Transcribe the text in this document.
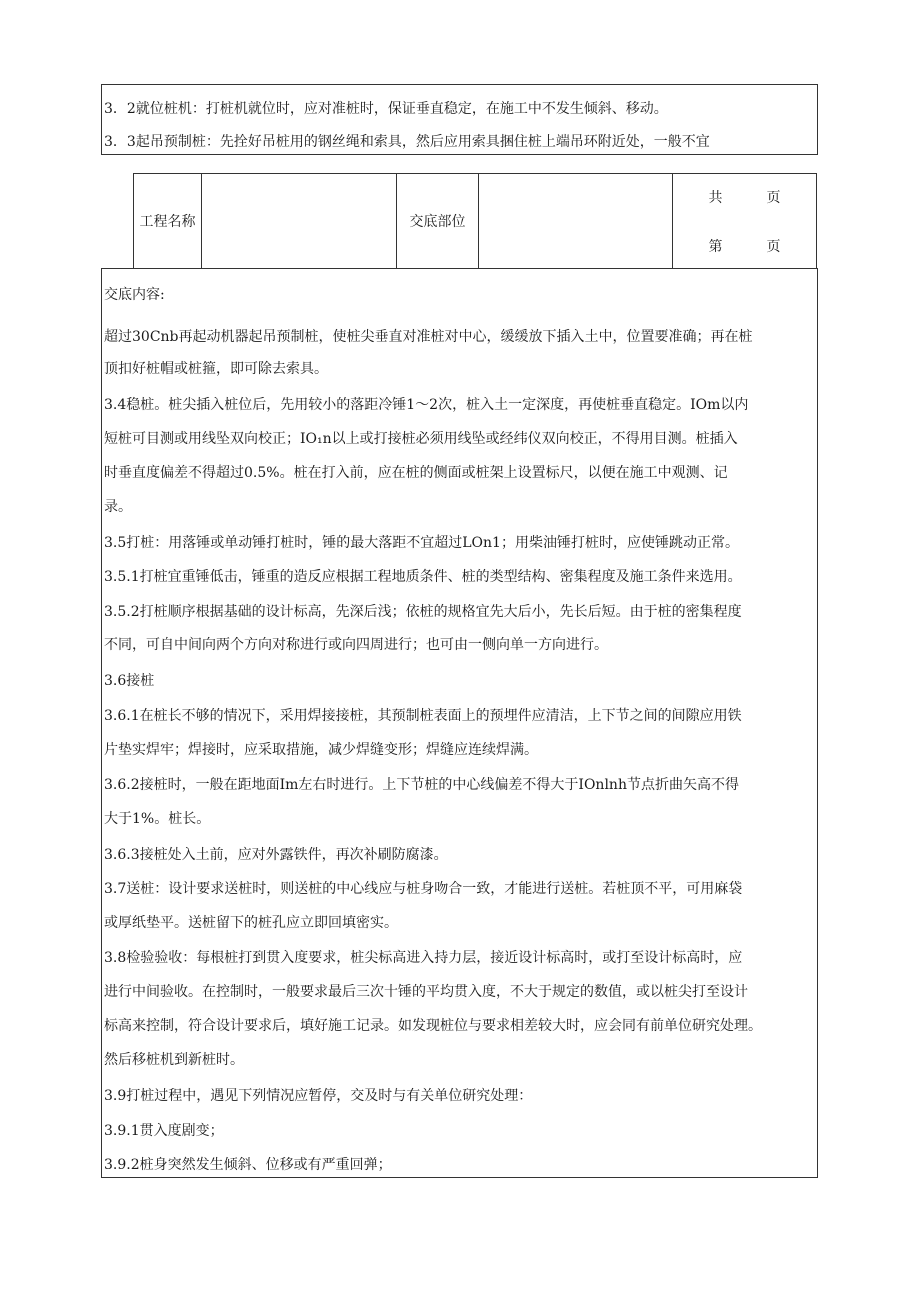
3．2就位桩机：打桩机就位时，应对准桩时，保证垂直稳定，在施工中不发生倾斜、移动。
3．3起吊预制桩：先拴好吊桩用的钢丝绳和索具，然后应用索具捆住桩上端吊环附近处，一般不宜
工程名称		交底部位		
共	页
第	页
交底内容:
超过30Cnb再起动机器起吊预制桩，使桩尖垂直对准桩对中心，缓缓放下插入土中，位置要准确；再在桩
顶扣好桩帽或桩箍，即可除去索具。
3.4稳桩。桩尖插入桩位后，先用较小的落距冷锤1～2次，桩入土一定深度，再使桩垂直稳定。IOm以内
短桩可目测或用线坠双向校正；IO₁n以上或打接桩必须用线坠或经纬仪双向校正，不得用目测。桩插入
时垂直度偏差不得超过0.5%。桩在打入前，应在桩的侧面或桩架上设置标尺，以便在施工中观测、记
录。
3.5打桩：用落锤或单动锤打桩时，锤的最大落距不宜超过LOn1；用柴油锤打桩时，应使锤跳动正常。
3.5.1打桩宜重锤低击，锤重的造反应根据工程地质条件、桩的类型结构、密集程度及施工条件来选用。
3.5.2打桩顺序根据基础的设计标高，先深后浅；依桩的规格宜先大后小，先长后短。由于桩的密集程度
不同，可自中间向两个方向对称进行或向四周进行；也可由一侧向单一方向进行。
3.6接桩
3.6.1在桩长不够的情况下，采用焊接接桩，其预制桩表面上的预埋件应清洁，上下节之间的间隙应用铁
片垫实焊牢；焊接时，应采取措施，减少焊缝变形；焊缝应连续焊满。
3.6.2接桩时，一般在距地面Im左右时进行。上下节桩的中心线偏差不得大于IOnlnh节点折曲矢高不得
大于1%。桩长。
3.6.3接桩处入土前，应对外露铁件，再次补刷防腐漆。
3.7送桩：设计要求送桩时，则送桩的中心线应与桩身吻合一致，才能进行送桩。若桩顶不平，可用麻袋
或厚纸垫平。送桩留下的桩孔应立即回填密实。
3.8检验验收：每根桩打到贯入度要求，桩尖标高进入持力层，接近设计标高时，或打至设计标高时，应
进行中间验收。在控制时，一般要求最后三次十锤的平均贯入度，不大于规定的数值，或以桩尖打至设计
标高来控制，符合设计要求后，填好施工记录。如发现桩位与要求相差较大时，应会同有前单位研究处理。
然后移桩机到新桩时。
3.9打桩过程中，遇见下列情况应暂停，交及时与有关单位研究处理：
3.9.1贯入度剧变；
3.9.2桩身突然发生倾斜、位移或有严重回弹；
